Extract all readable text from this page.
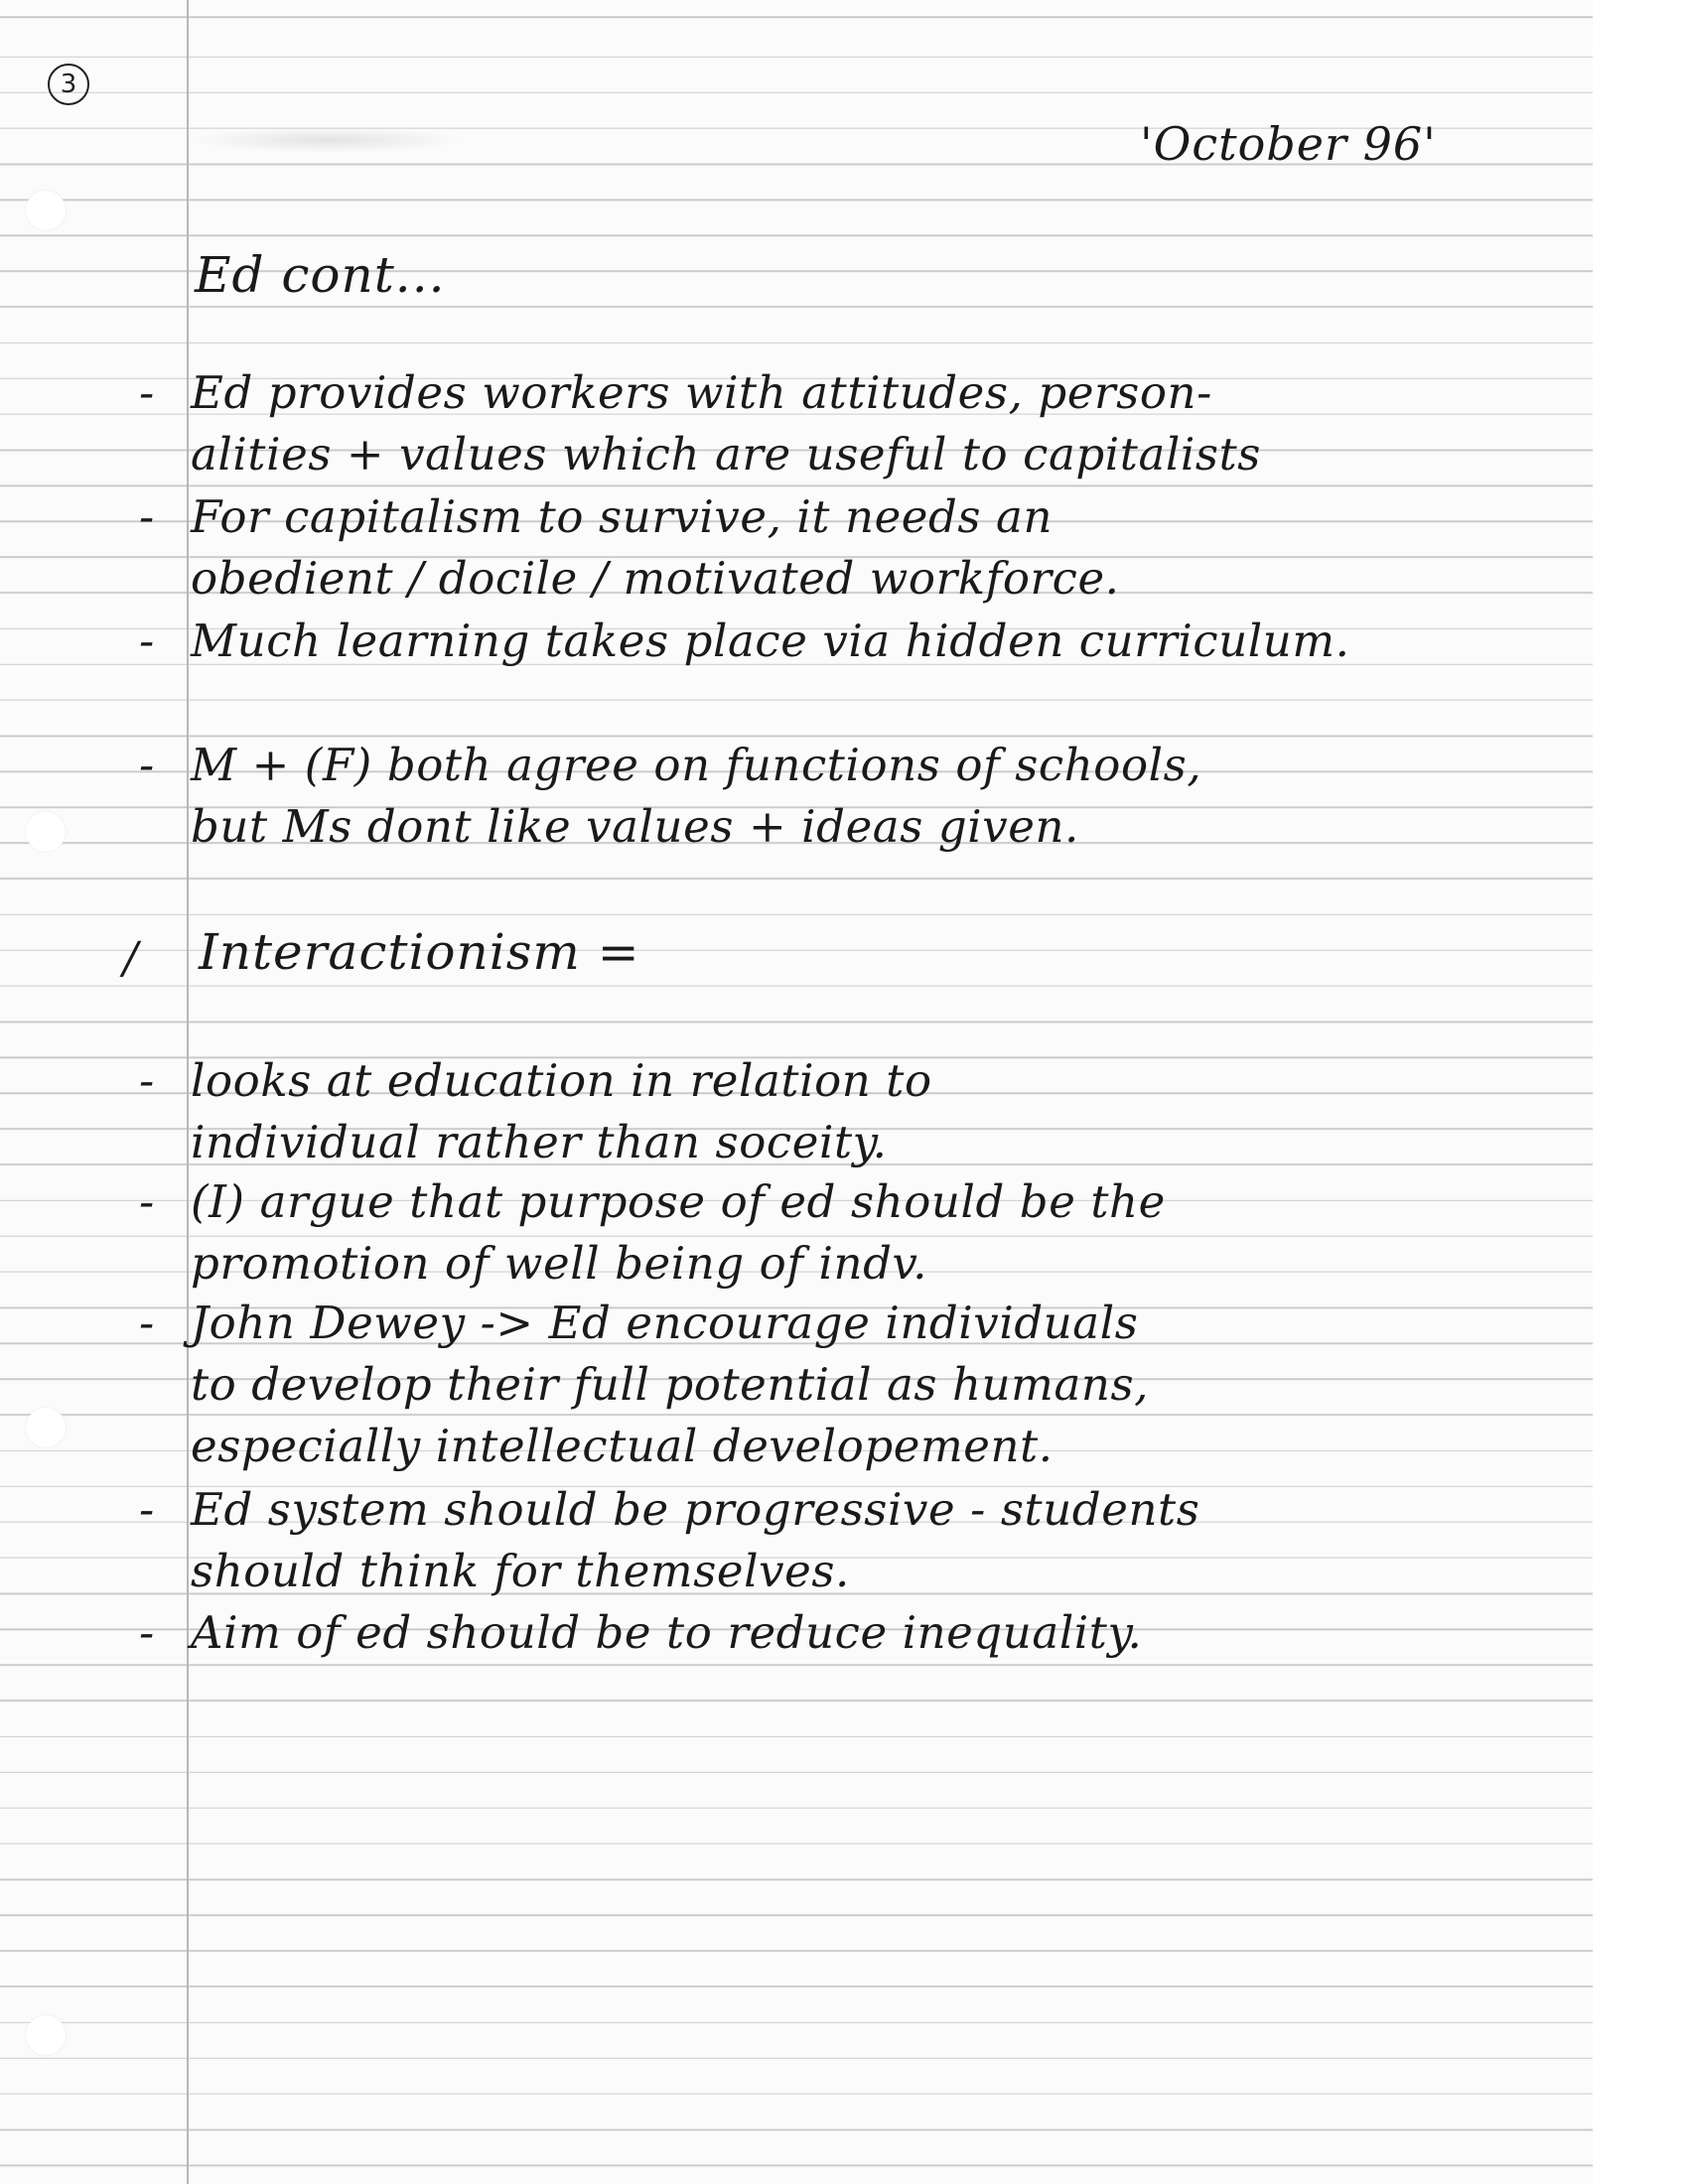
3
'October 96'
Ed cont...
- Ed provides workers with attitudes, person-
alities + values which are useful to capitalists
- For capitalism to survive, it needs an
obedient / docile / motivated workforce.
- Much learning takes place via hidden curriculum.
- M + (F) both agree on functions of schools,
but Ms dont like values + ideas given.
/ Interactionism =
- looks at education in relation to
individual rather than soceity.
- (I) argue that purpose of ed should be the
promotion of well being of indv.
- John Dewey -> Ed encourage individuals
to develop their full potential as humans,
especially intellectual developement.
- Ed system should be progressive - students
should think for themselves.
- Aim of ed should be to reduce inequality.
